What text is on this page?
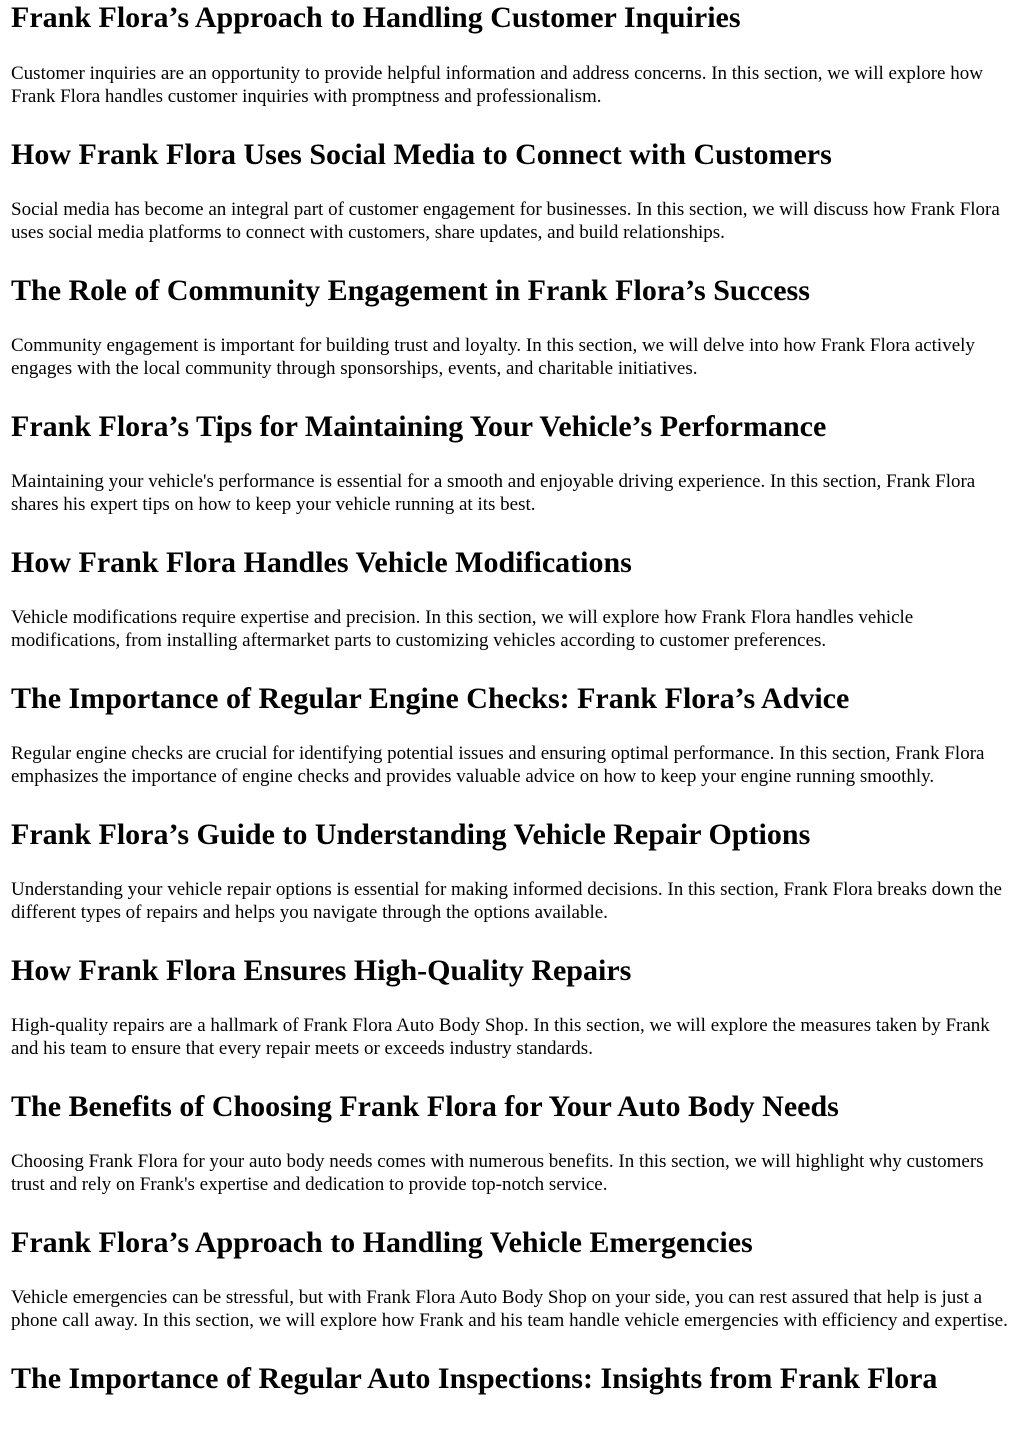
Frank Flora’s Approach to Handling Customer Inquiries

Customer inquiries are an opportunity to provide helpful information and address concerns. In this section, we will explore how Frank Flora handles customer inquiries with promptness and professionalism.

How Frank Flora Uses Social Media to Connect with Customers

Social media has become an integral part of customer engagement for businesses. In this section, we will discuss how Frank Flora uses social media platforms to connect with customers, share updates, and build relationships.

The Role of Community Engagement in Frank Flora’s Success

Community engagement is important for building trust and loyalty. In this section, we will delve into how Frank Flora actively engages with the local community through sponsorships, events, and charitable initiatives.

Frank Flora’s Tips for Maintaining Your Vehicle’s Performance

Maintaining your vehicle's performance is essential for a smooth and enjoyable driving experience. In this section, Frank Flora shares his expert tips on how to keep your vehicle running at its best.

How Frank Flora Handles Vehicle Modifications

Vehicle modifications require expertise and precision. In this section, we will explore how Frank Flora handles vehicle modifications, from installing aftermarket parts to customizing vehicles according to customer preferences.

The Importance of Regular Engine Checks: Frank Flora’s Advice

Regular engine checks are crucial for identifying potential issues and ensuring optimal performance. In this section, Frank Flora emphasizes the importance of engine checks and provides valuable advice on how to keep your engine running smoothly.

Frank Flora’s Guide to Understanding Vehicle Repair Options

Understanding your vehicle repair options is essential for making informed decisions. In this section, Frank Flora breaks down the different types of repairs and helps you navigate through the options available.

How Frank Flora Ensures High-Quality Repairs

High-quality repairs are a hallmark of Frank Flora Auto Body Shop. In this section, we will explore the measures taken by Frank and his team to ensure that every repair meets or exceeds industry standards.

The Benefits of Choosing Frank Flora for Your Auto Body Needs

Choosing Frank Flora for your auto body needs comes with numerous benefits. In this section, we will highlight why customers trust and rely on Frank's expertise and dedication to provide top-notch service.

Frank Flora’s Approach to Handling Vehicle Emergencies

Vehicle emergencies can be stressful, but with Frank Flora Auto Body Shop on your side, you can rest assured that help is just a phone call away. In this section, we will explore how Frank and his team handle vehicle emergencies with efficiency and expertise.

The Importance of Regular Auto Inspections: Insights from Frank Flora
